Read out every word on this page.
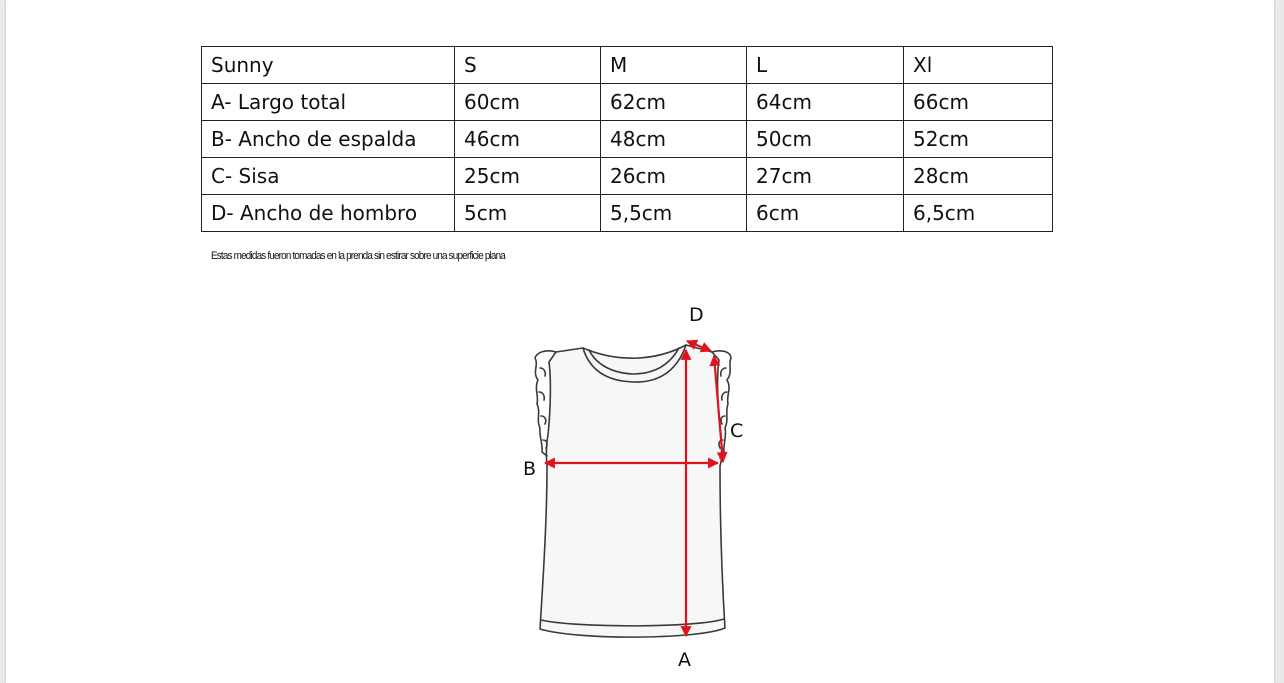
Sunny	S	M	L	Xl
A- Largo total	60cm	62cm	64cm	66cm
B- Ancho de espalda	46cm	48cm	50cm	52cm
C- Sisa	25cm	26cm	27cm	28cm
D- Ancho de hombro	5cm	5,5cm	6cm	6,5cm
Estas medidas fueron tomadas en la prenda sin estirar sobre una superficie plana
D
C
B
A
